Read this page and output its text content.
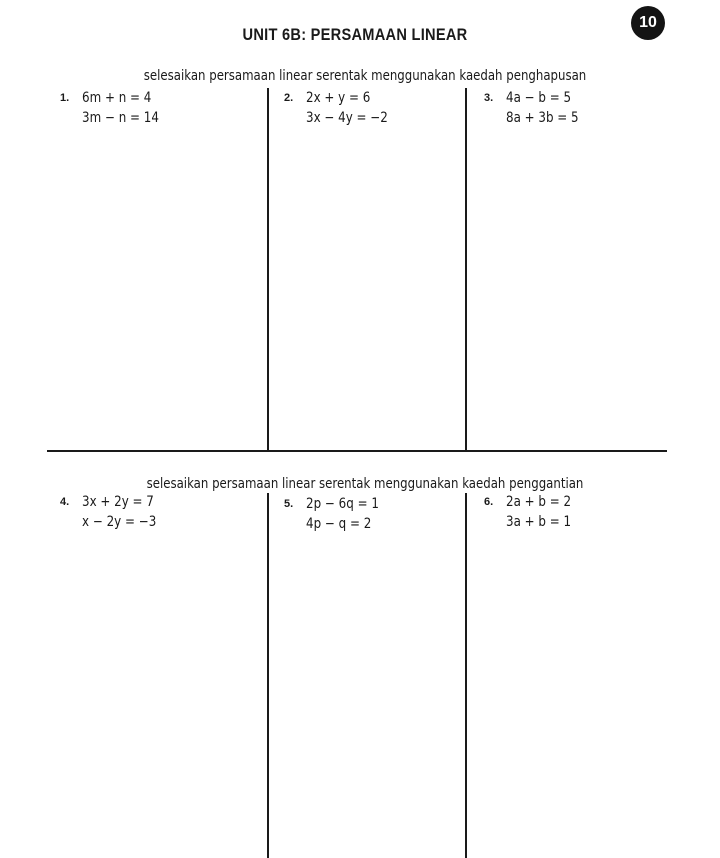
UNIT 6B: PERSAMAAN LINEAR
10
selesaikan persamaan linear serentak menggunakan kaedah penghapusan
1. 6m + n = 4
3m − n = 14
2. 2x + y = 6
3x − 4y = −2
3. 4a − b = 5
8a + 3b = 5
selesaikan persamaan linear serentak menggunakan kaedah penggantian
4. 3x + 2y = 7
x − 2y = −3
5. 2p − 6q = 1
4p − q = 2
6. 2a + b = 2
3a + b = 1
